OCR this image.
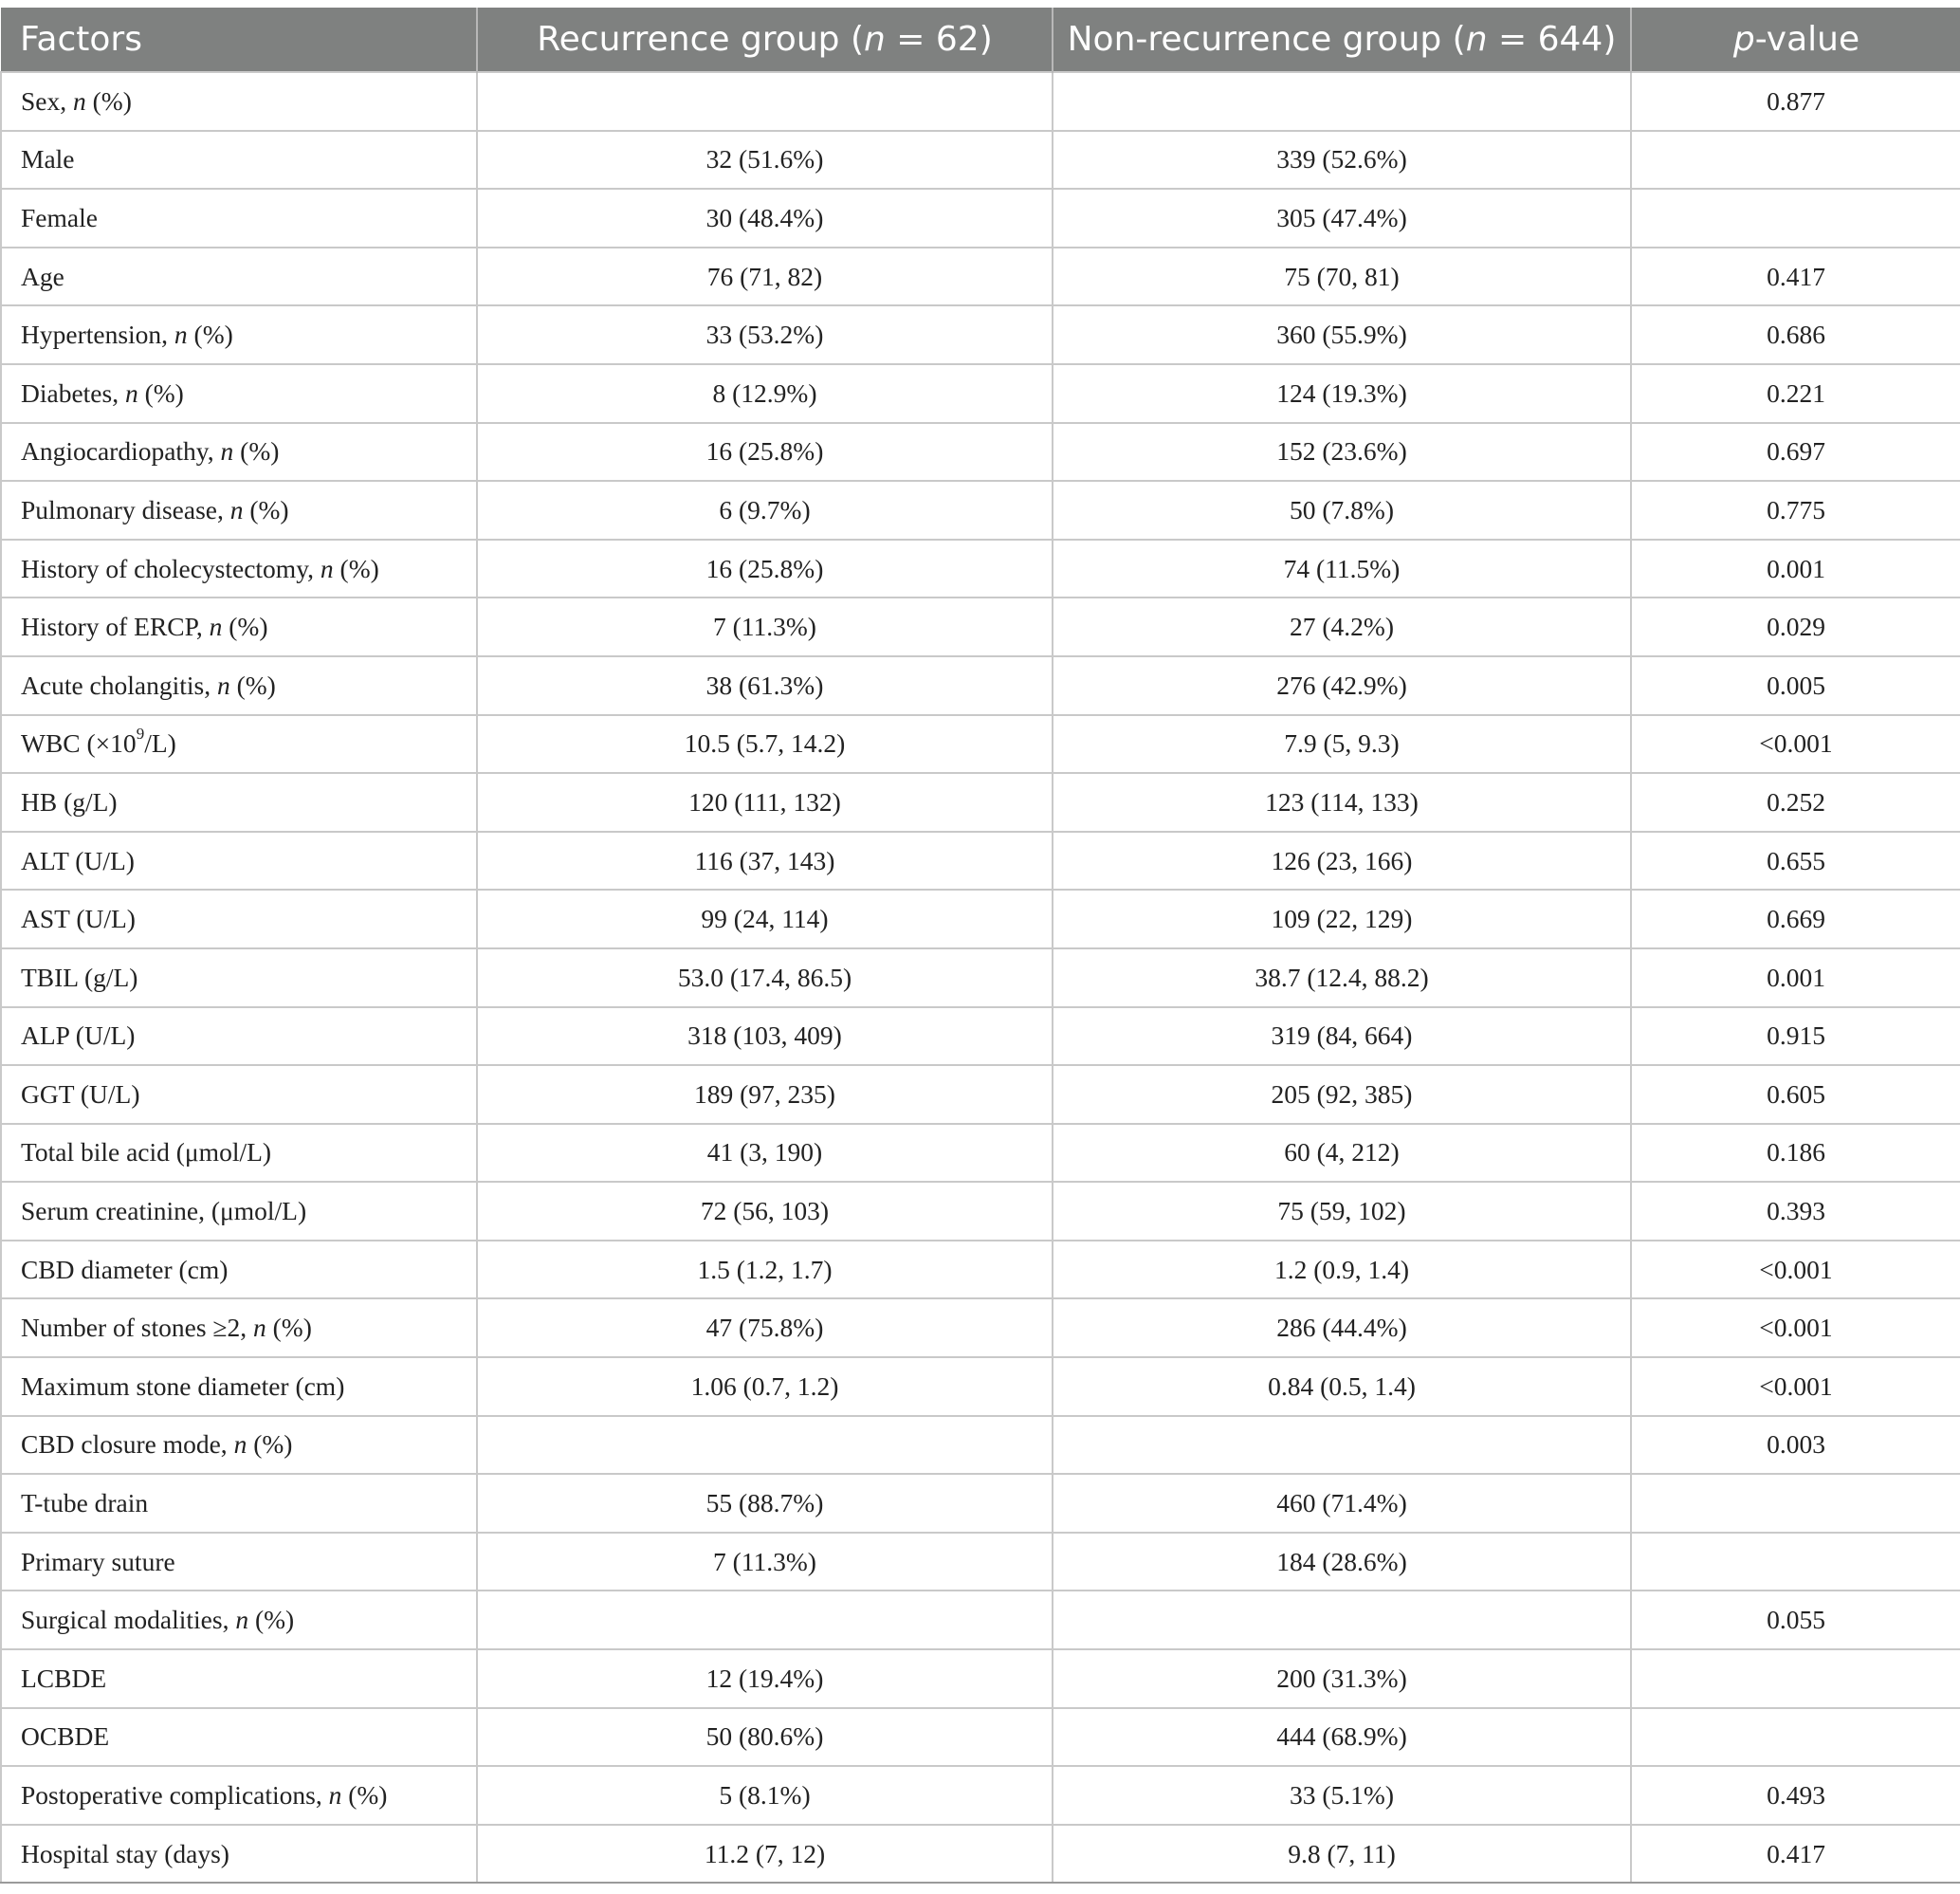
Factors	Recurrence group (n = 62)	Non-recurrence group (n = 644)	p-value
Sex, n (%)			0.877
Male	32 (51.6%)	339 (52.6%)	
Female	30 (48.4%)	305 (47.4%)	
Age	76 (71, 82)	75 (70, 81)	0.417
Hypertension, n (%)	33 (53.2%)	360 (55.9%)	0.686
Diabetes, n (%)	8 (12.9%)	124 (19.3%)	0.221
Angiocardiopathy, n (%)	16 (25.8%)	152 (23.6%)	0.697
Pulmonary disease, n (%)	6 (9.7%)	50 (7.8%)	0.775
History of cholecystectomy, n (%)	16 (25.8%)	74 (11.5%)	0.001
History of ERCP, n (%)	7 (11.3%)	27 (4.2%)	0.029
Acute cholangitis, n (%)	38 (61.3%)	276 (42.9%)	0.005
WBC $(\times 10^9/L)$	10.5 (5.7, 14.2)	7.9 (5, 9.3)	<0.001
HB (g/L)	120 (111, 132)	123 (114, 133)	0.252
ALT (U/L)	116 (37, 143)	126 (23, 166)	0.655
AST (U/L)	99 (24, 114)	109 (22, 129)	0.669
TBIL (g/L)	53.0 (17.4, 86.5)	38.7 (12.4, 88.2)	0.001
ALP (U/L)	318 (103, 409)	319 (84, 664)	0.915
GGT (U/L)	189 (97, 235)	205 (92, 385)	0.605
Total bile acid (μmol/L)	41 (3, 190)	60 (4, 212)	0.186
Serum creatinine, (μmol/L)	72 (56, 103)	75 (59, 102)	0.393
CBD diameter (cm)	1.5 (1.2, 1.7)	1.2 (0.9, 1.4)	<0.001
Number of stones ≥2, n (%)	47 (75.8%)	286 (44.4%)	<0.001
Maximum stone diameter (cm)	1.06 (0.7, 1.2)	0.84 (0.5, 1.4)	<0.001
CBD closure mode, n (%)			0.003
T-tube drain	55 (88.7%)	460 (71.4%)	
Primary suture	7 (11.3%)	184 (28.6%)	
Surgical modalities, n (%)			0.055
LCBDE	12 (19.4%)	200 (31.3%)	
OCBDE	50 (80.6%)	444 (68.9%)	
Postoperative complications, n (%)	5 (8.1%)	33 (5.1%)	0.493
Hospital stay (days)	11.2 (7, 12)	9.8 (7, 11)	0.417
